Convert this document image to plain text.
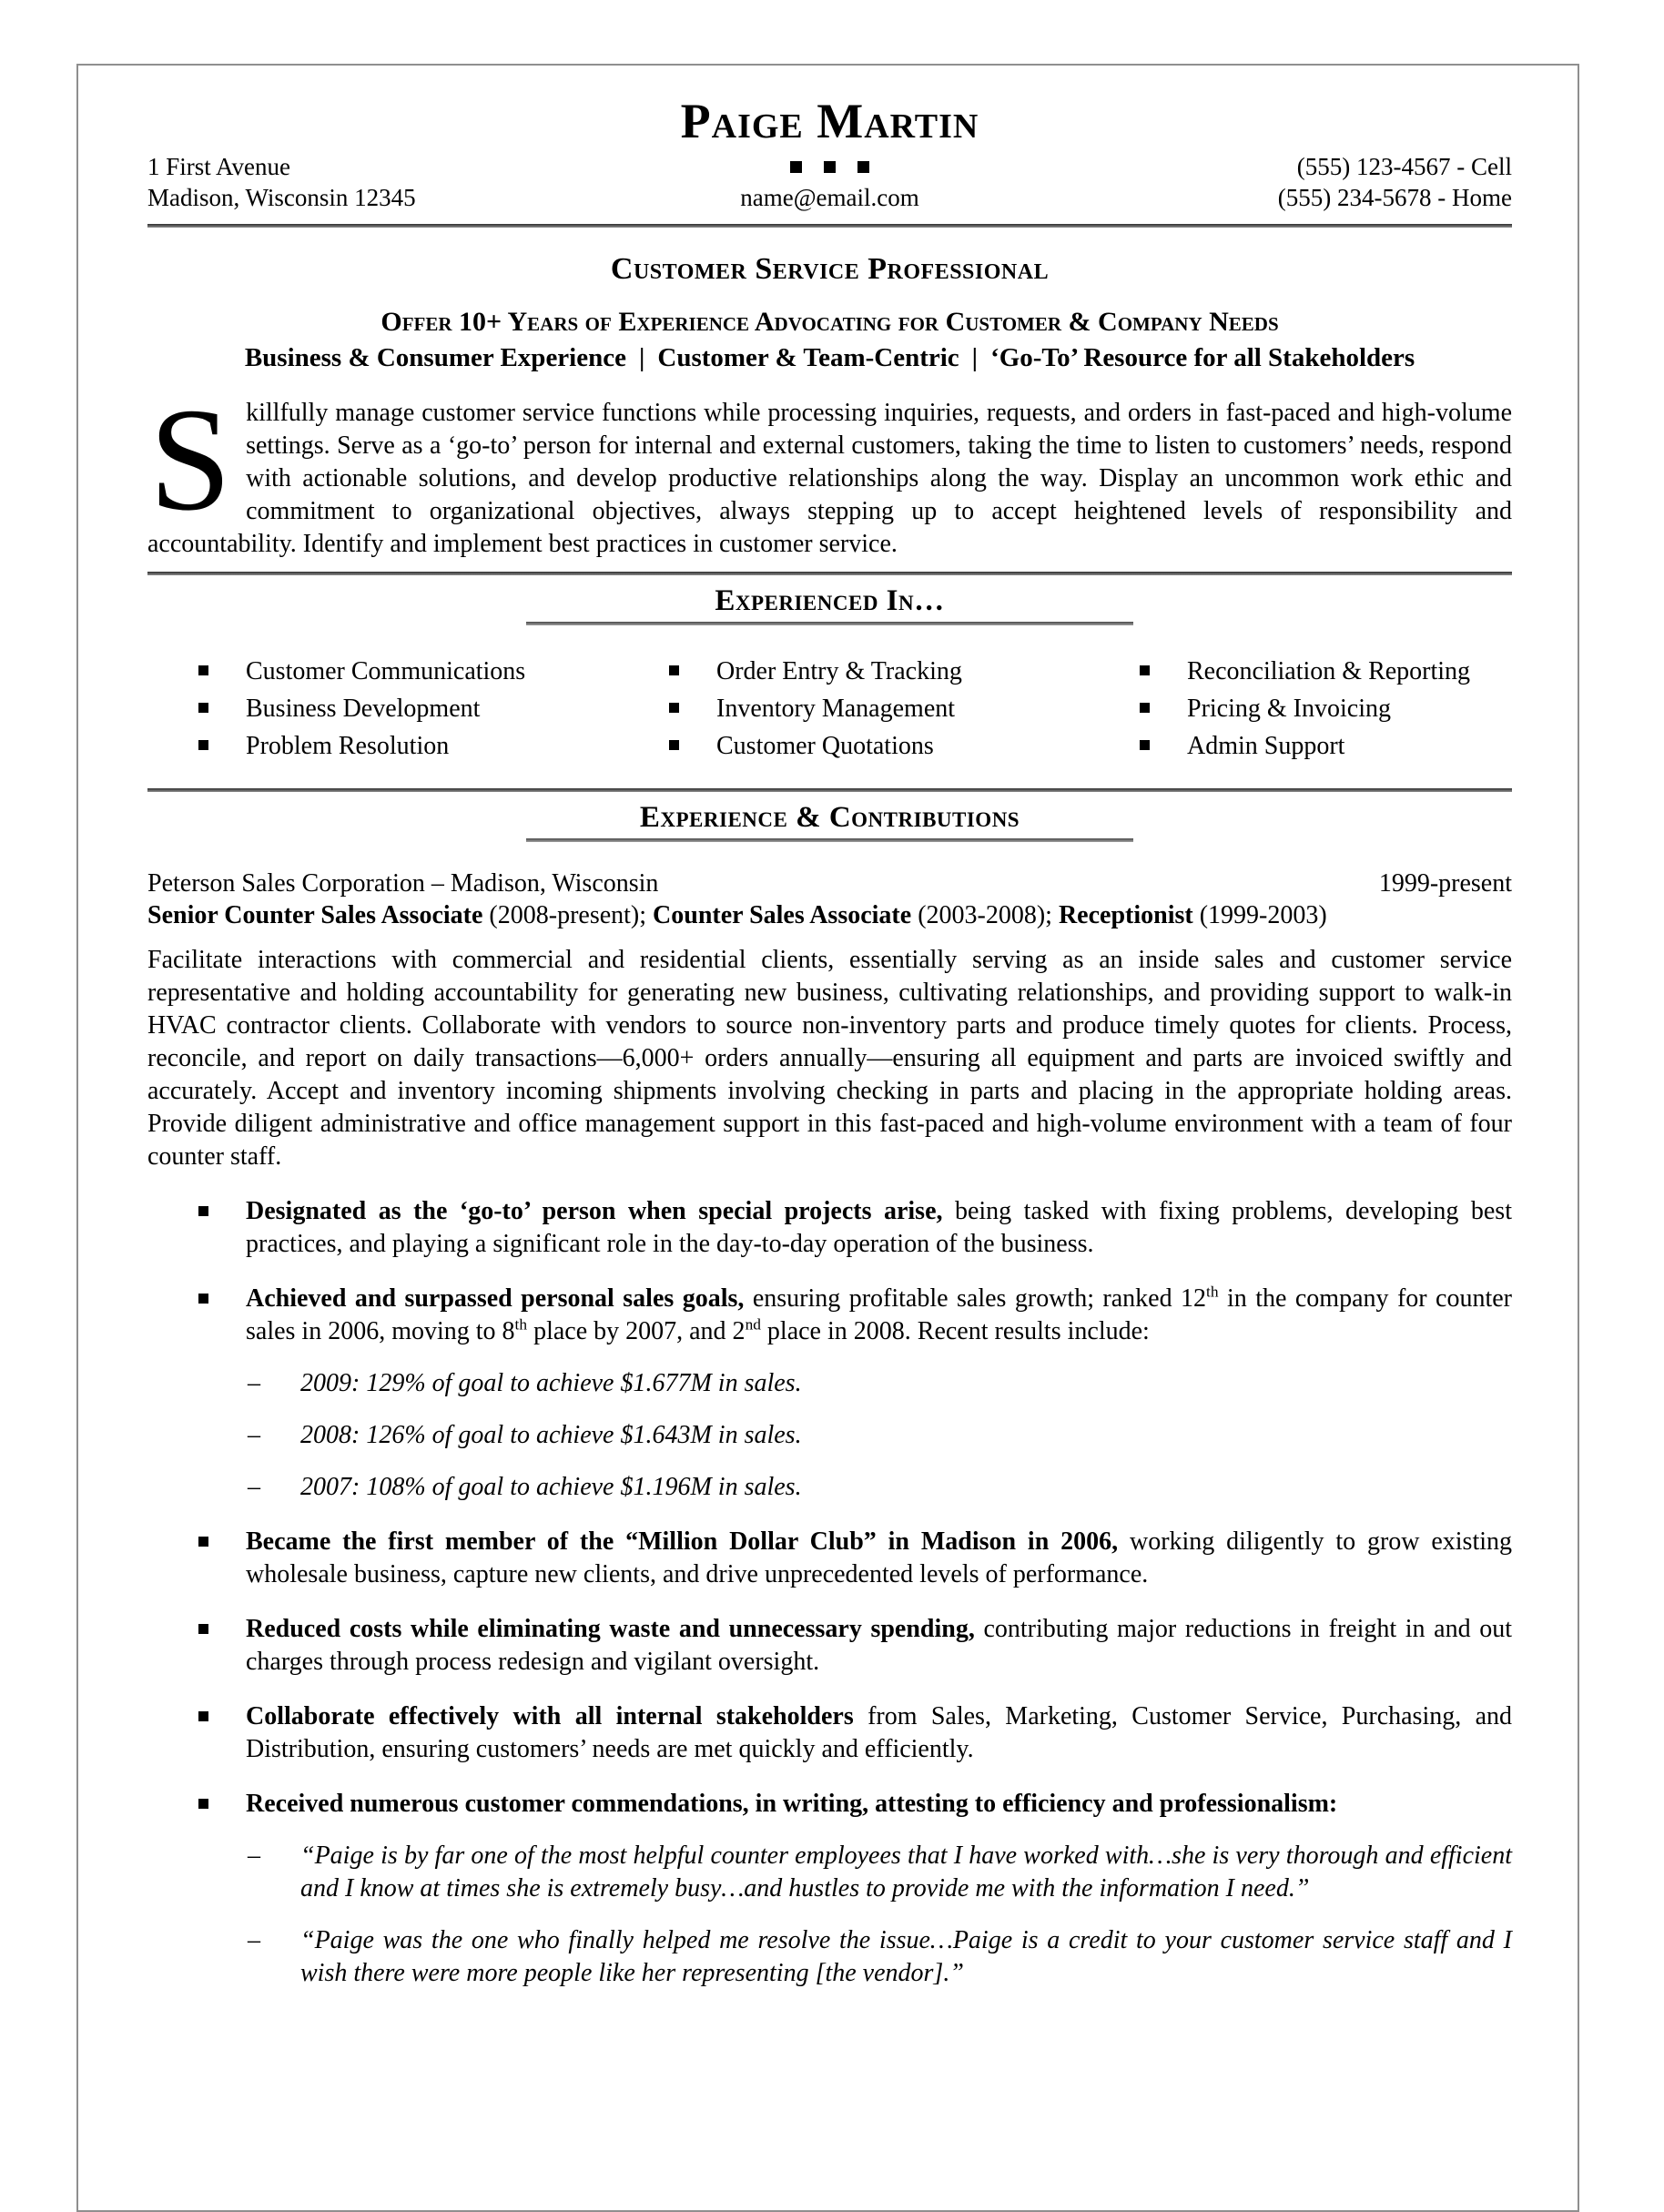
Paige Martin
1 First Avenue
Madison, Wisconsin 12345	name@email.com
(555) 123-4567 - Cell
(555) 234-5678 - Home
Customer Service Professional
Offer 10+ Years of Experience Advocating for Customer & Company Needs
Business & Consumer Experience | Customer & Team-Centric | ‘Go-To’ Resource for all Stakeholders
Skillfully manage customer service functions while processing inquiries, requests, and orders in fast-paced and high-volume settings. Serve as a ‘go-to’ person for internal and external customers, taking the time to listen to customers’ needs, respond with actionable solutions, and develop productive relationships along the way. Display an uncommon work ethic and commitment to organizational objectives, always stepping up to accept heightened levels of responsibility and accountability. Identify and implement best practices in customer service.
Experienced In…
Customer Communications	Order Entry & Tracking	Reconciliation & Reporting
Business Development	Inventory Management	Pricing & Invoicing
Problem Resolution	Customer Quotations	Admin Support
Experience & Contributions
Peterson Sales Corporation – Madison, Wisconsin	1999-present
Senior Counter Sales Associate (2008-present); Counter Sales Associate (2003-2008); Receptionist (1999-2003)
Facilitate interactions with commercial and residential clients, essentially serving as an inside sales and customer service representative and holding accountability for generating new business, cultivating relationships, and providing support to walk-in HVAC contractor clients. Collaborate with vendors to source non-inventory parts and produce timely quotes for clients. Process, reconcile, and report on daily transactions—6,000+ orders annually—ensuring all equipment and parts are invoiced swiftly and accurately. Accept and inventory incoming shipments involving checking in parts and placing in the appropriate holding areas. Provide diligent administrative and office management support in this fast-paced and high-volume environment with a team of four counter staff.
Designated as the ‘go-to’ person when special projects arise, being tasked with fixing problems, developing best practices, and playing a significant role in the day-to-day operation of the business.
Achieved and surpassed personal sales goals, ensuring profitable sales growth; ranked 12th in the company for counter sales in 2006, moving to 8th place by 2007, and 2nd place in 2008. Recent results include:
– 2009: 129% of goal to achieve $1.677M in sales.
– 2008: 126% of goal to achieve $1.643M in sales.
– 2007: 108% of goal to achieve $1.196M in sales.
Became the first member of the “Million Dollar Club” in Madison in 2006, working diligently to grow existing wholesale business, capture new clients, and drive unprecedented levels of performance.
Reduced costs while eliminating waste and unnecessary spending, contributing major reductions in freight in and out charges through process redesign and vigilant oversight.
Collaborate effectively with all internal stakeholders from Sales, Marketing, Customer Service, Purchasing, and Distribution, ensuring customers’ needs are met quickly and efficiently.
Received numerous customer commendations, in writing, attesting to efficiency and professionalism:
– “Paige is by far one of the most helpful counter employees that I have worked with…she is very thorough and efficient and I know at times she is extremely busy…and hustles to provide me with the information I need.”
– “Paige was the one who finally helped me resolve the issue…Paige is a credit to your customer service staff and I wish there were more people like her representing [the vendor].”
